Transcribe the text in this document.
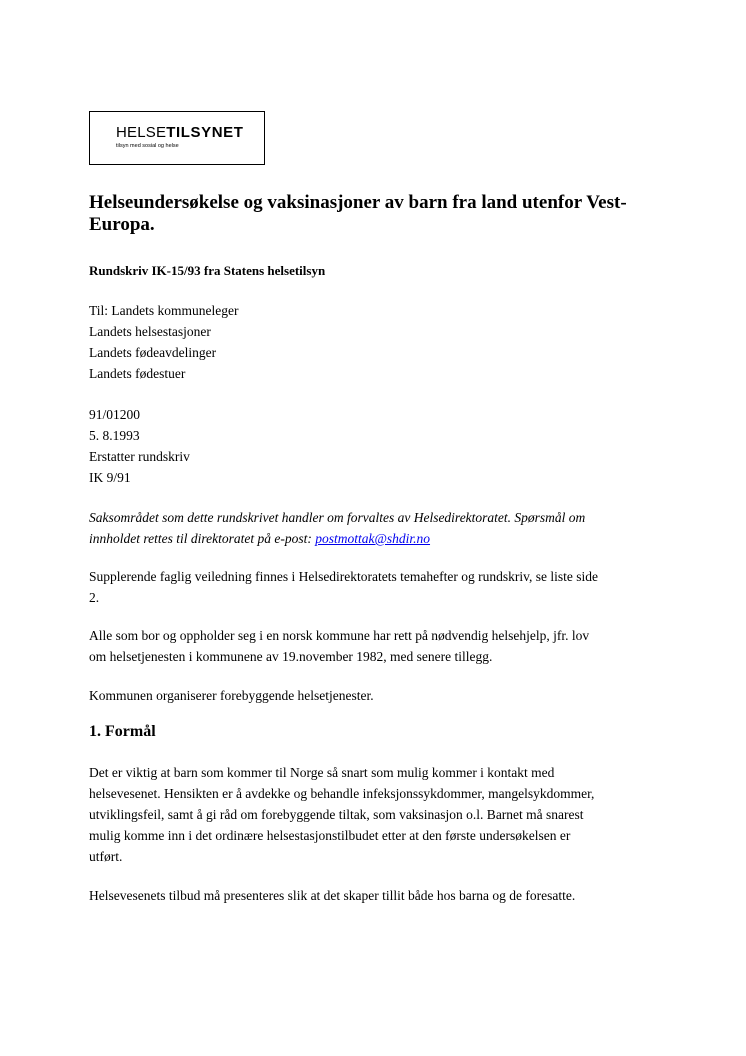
HELSETILSYNET
tilsyn med sosial og helse
Helseundersøkelse og vaksinasjoner av barn fra land utenfor Vest-Europa.
Rundskriv IK-15/93 fra Statens helsetilsyn
Til: Landets kommuneleger
Landets helsestasjoner
Landets fødeavdelinger
Landets fødestuer
91/01200
5. 8.1993
Erstatter rundskriv
IK 9/91
Saksområdet som dette rundskrivet handler om forvaltes av Helsedirektoratet. Spørsmål om
innholdet rettes til direktoratet på e-post: postmottak@shdir.no
Supplerende faglig veiledning finnes i Helsedirektoratets temahefter og rundskriv, se liste side
2.
Alle som bor og oppholder seg i en norsk kommune har rett på nødvendig helsehjelp, jfr. lov
om helsetjenesten i kommunene av 19.november 1982, med senere tillegg.
Kommunen organiserer forebyggende helsetjenester.
1. Formål
Det er viktig at barn som kommer til Norge så snart som mulig kommer i kontakt med
helsevesenet. Hensikten er å avdekke og behandle infeksjonssykdommer, mangelsykdommer,
utviklingsfeil, samt å gi råd om forebyggende tiltak, som vaksinasjon o.l. Barnet må snarest
mulig komme inn i det ordinære helsestasjonstilbudet etter at den første undersøkelsen er
utført.
Helsevesenets tilbud må presenteres slik at det skaper tillit både hos barna og de foresatte.
